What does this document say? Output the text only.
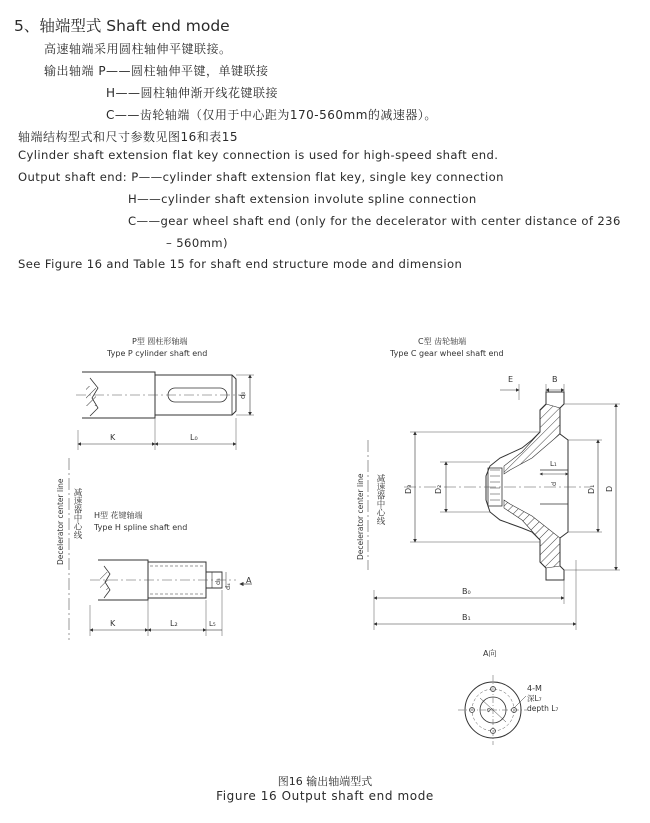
5、轴端型式 Shaft end mode
高速轴端采用圆柱轴伸平键联接。
输出轴端 P——圆柱轴伸平键，单键联接
H——圆柱轴伸渐开线花键联接
C——齿轮轴端（仅用于中心距为170-560mm的减速器）。
轴端结构型式和尺寸参数见图16和表15
Cylinder shaft extension flat key connection is used for high-speed shaft end.
Output shaft end: P——cylinder shaft extension flat key, single key connection
H——cylinder shaft extension involute spline connection
C——gear wheel shaft end (only for the decelerator with center distance of 236
– 560mm)
See Figure 16 and Table 15 for shaft end structure mode and dimension
P型 圆柱形轴端
Type P cylinder shaft end
d₀
K	L₀
Decelerator center line 减速器中心线 H型 花键轴端
Type H spline shaft end
d₅
d₄
A
K	L₂	L₅
C型 齿轮轴端
Type C gear wheel shaft end
E	B
D₃	D₂
L₁
d
D₁ D
B₀
B₁
Decelerator center line 减速器中心线
A向
d
4-M
深L₇
depth L₇
图16 输出轴端型式
Figure 16 Output shaft end mode
